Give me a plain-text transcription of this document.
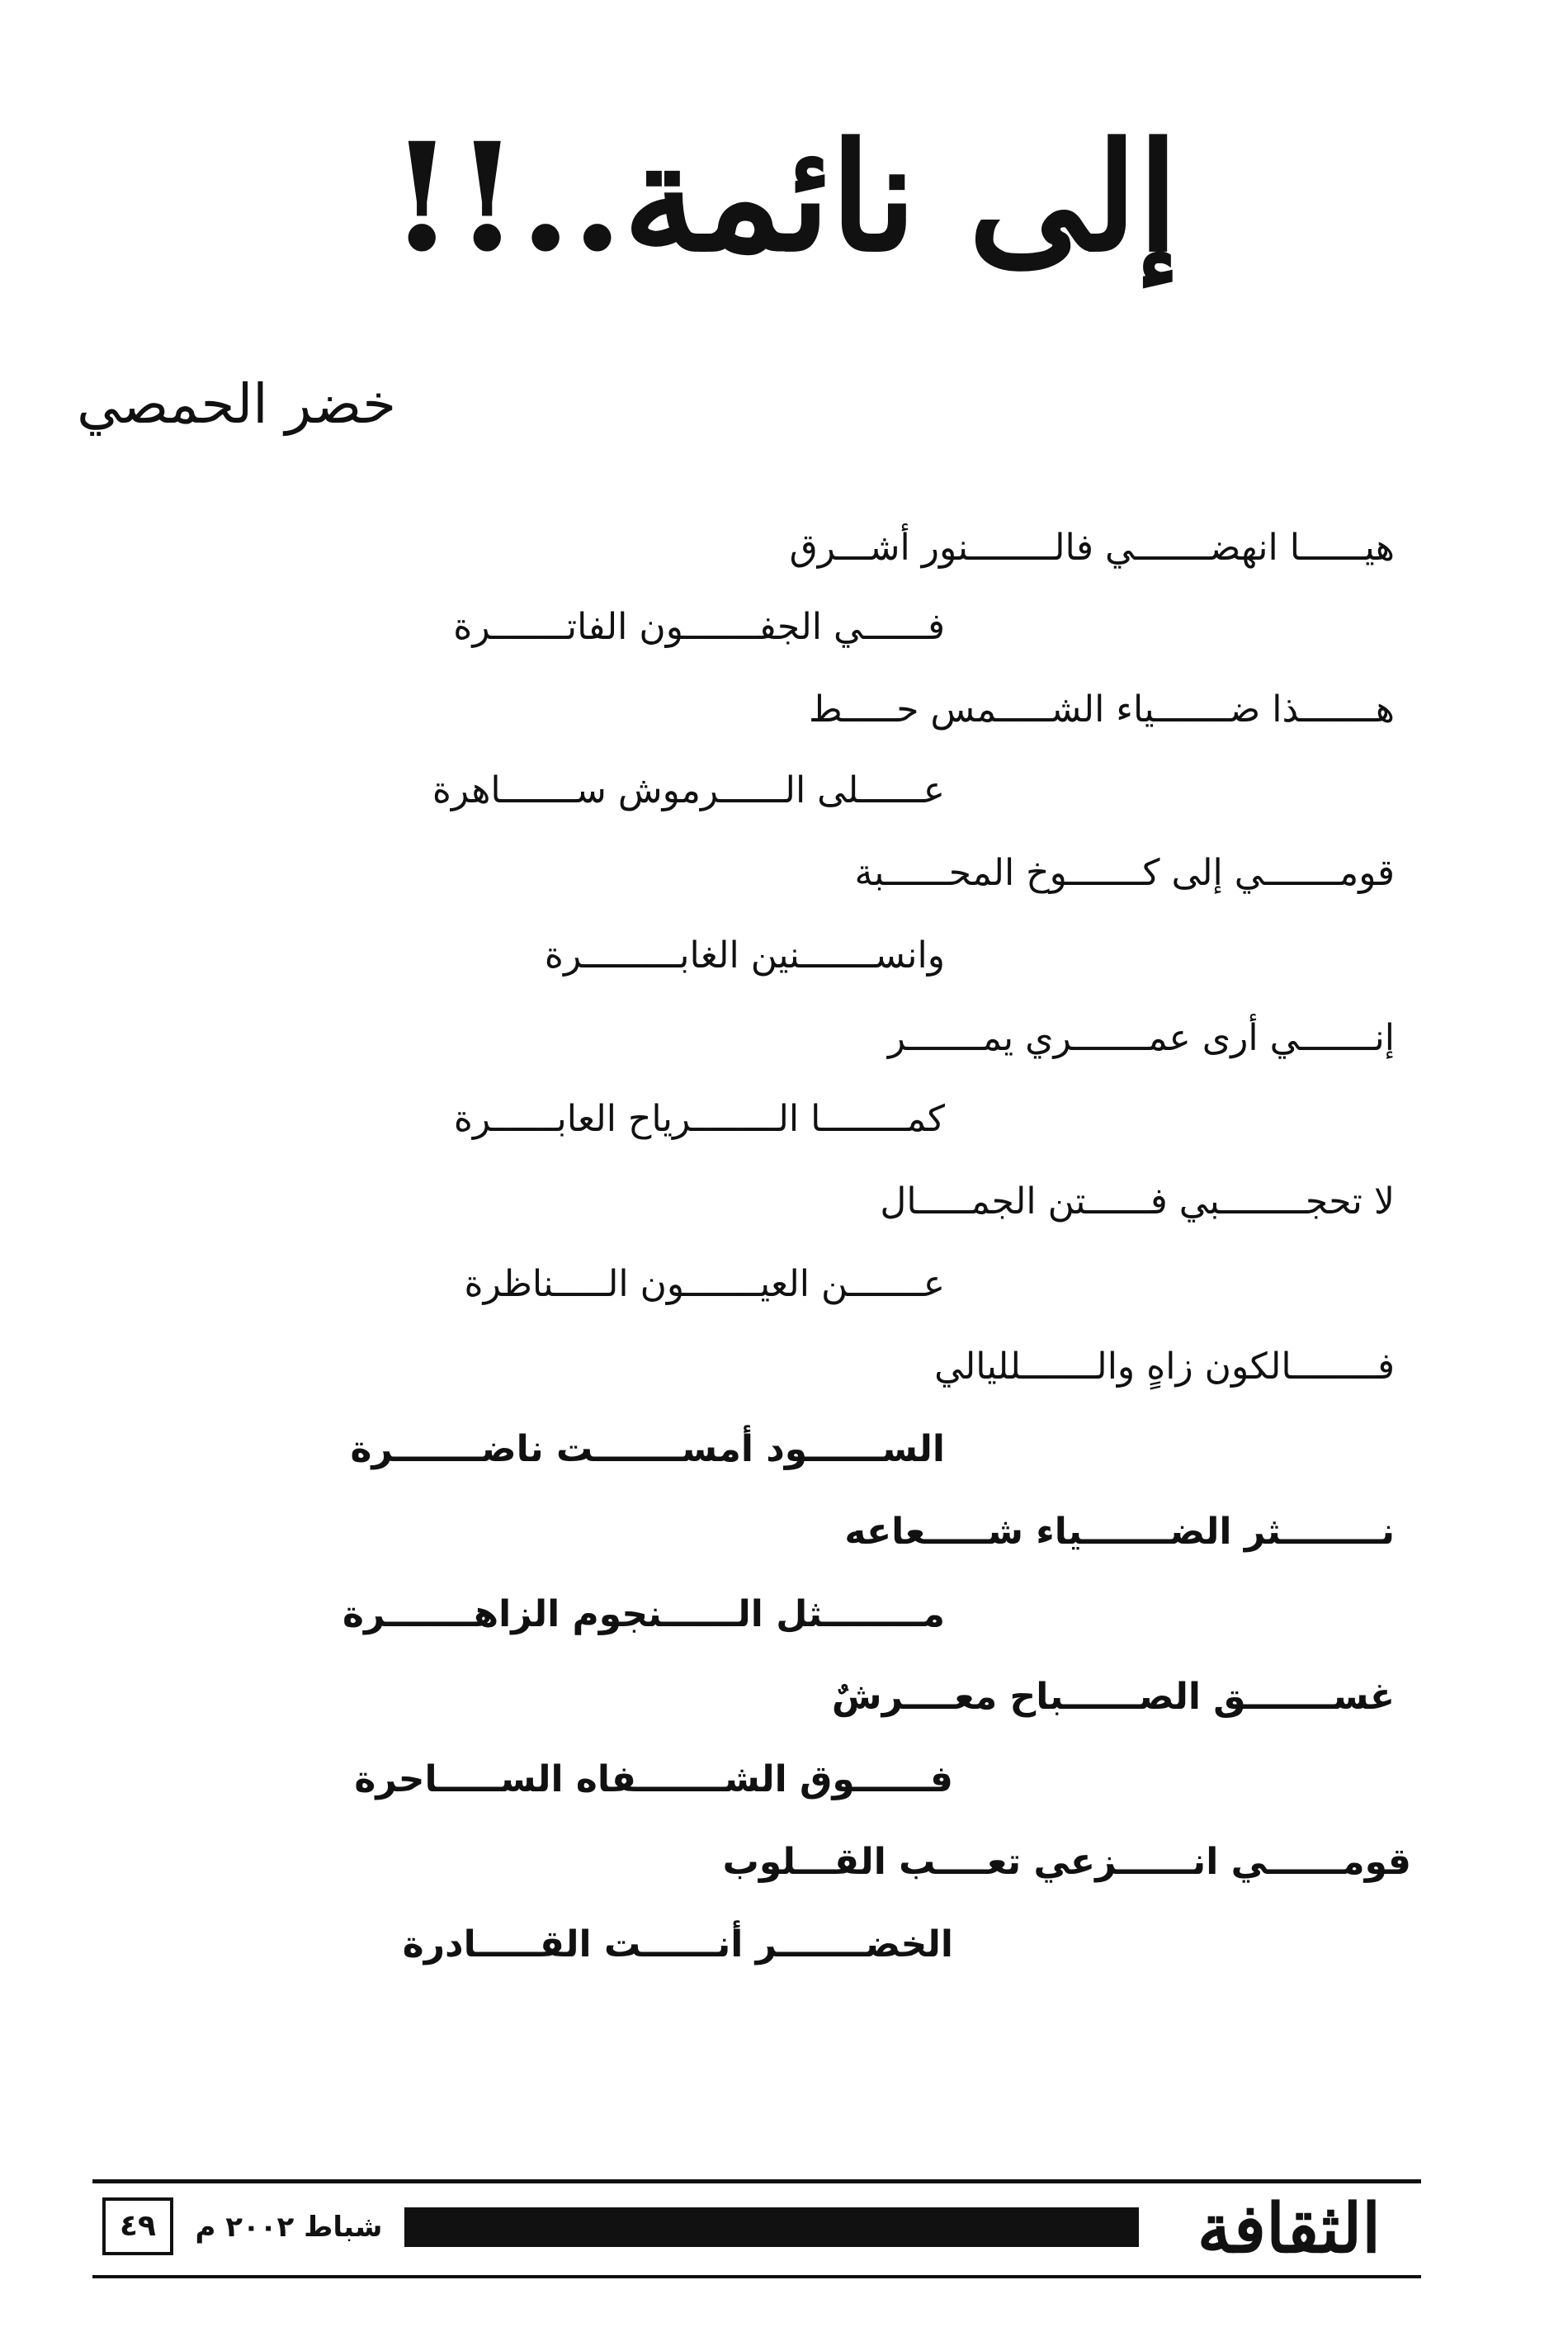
إلى نائمة..!!
خضر الحمصي
هيــــــا انهضـــــــي فالــــــــنور أشـــرق
فــــــي الجفـــــــون الفاتـــــــرة
هـــــــذا ضـــــــياء الشـــــمس حـــــط
عــــــلى الــــــرموش ســـــــاهرة
قومـــــــي إلى كـــــــوخ المحــــــبة
وانســـــــنين الغابـــــــــرة
إنـــــــي أرى عمـــــــري يمـــــــر
كمــــــــا الــــــــرياح العابــــــرة
لا تحجــــــــبي فــــــتن الجمـــــال
عـــــــن العيـــــــون الـــــناظرة
فــــــــالكون زاهٍ والـــــــلليالي
الســــــود أمســـــــت ناضـــــــرة
نــــــــثر الضـــــــياء شـــــعاعه
مــــــــثل الــــــنجوم الزاهـــــــرة
غســـــــق الصــــــباح معــــرشٌ
فــــــوق الشـــــــفاه الســـــاحرة
قومــــــي انــــــزعي تعــــب القـــلوب
الخضـــــــر أنــــــت القـــــادرة
٤٩	شباط ٢٠٠٢ م	الثقافة
